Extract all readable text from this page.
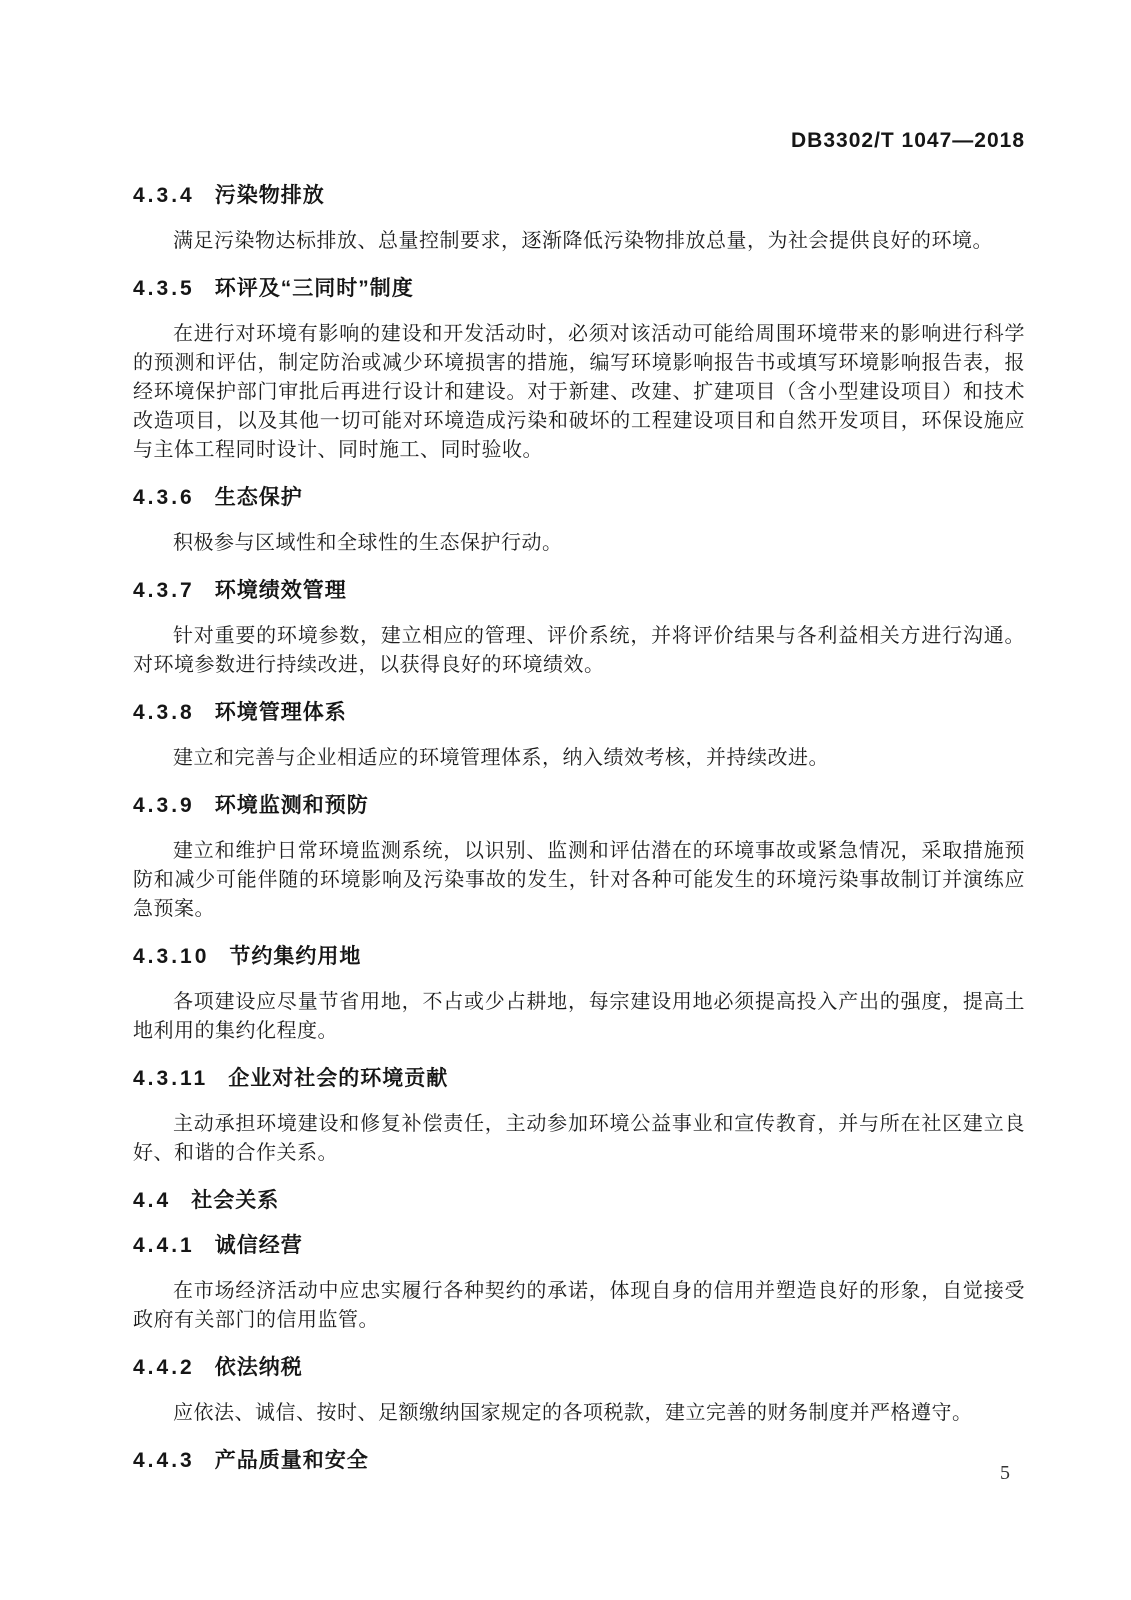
DB3302/T 1047—2018
4.3.4 污染物排放

满足污染物达标排放、总量控制要求，逐渐降低污染物排放总量，为社会提供良好的环境。

4.3.5 环评及“三同时”制度

在进行对环境有影响的建设和开发活动时，必须对该活动可能给周围环境带来的影响进行科学的预测和评估，制定防治或减少环境损害的措施，编写环境影响报告书或填写环境影响报告表，报经环境保护部门审批后再进行设计和建设。对于新建、改建、扩建项目（含小型建设项目）和技术改造项目，以及其他一切可能对环境造成污染和破坏的工程建设项目和自然开发项目，环保设施应与主体工程同时设计、同时施工、同时验收。

4.3.6 生态保护

积极参与区域性和全球性的生态保护行动。

4.3.7 环境绩效管理

针对重要的环境参数，建立相应的管理、评价系统，并将评价结果与各利益相关方进行沟通。对环境参数进行持续改进，以获得良好的环境绩效。

4.3.8 环境管理体系

建立和完善与企业相适应的环境管理体系，纳入绩效考核，并持续改进。

4.3.9 环境监测和预防

建立和维护日常环境监测系统，以识别、监测和评估潜在的环境事故或紧急情况，采取措施预防和减少可能伴随的环境影响及污染事故的发生，针对各种可能发生的环境污染事故制订并演练应急预案。

4.3.10 节约集约用地

各项建设应尽量节省用地，不占或少占耕地，每宗建设用地必须提高投入产出的强度，提高土地利用的集约化程度。

4.3.11 企业对社会的环境贡献

主动承担环境建设和修复补偿责任，主动参加环境公益事业和宣传教育，并与所在社区建立良好、和谐的合作关系。

4.4 社会关系
4.4.1 诚信经营

在市场经济活动中应忠实履行各种契约的承诺，体现自身的信用并塑造良好的形象，自觉接受政府有关部门的信用监管。

4.4.2 依法纳税

应依法、诚信、按时、足额缴纳国家规定的各项税款，建立完善的财务制度并严格遵守。

4.4.3 产品质量和安全
5
